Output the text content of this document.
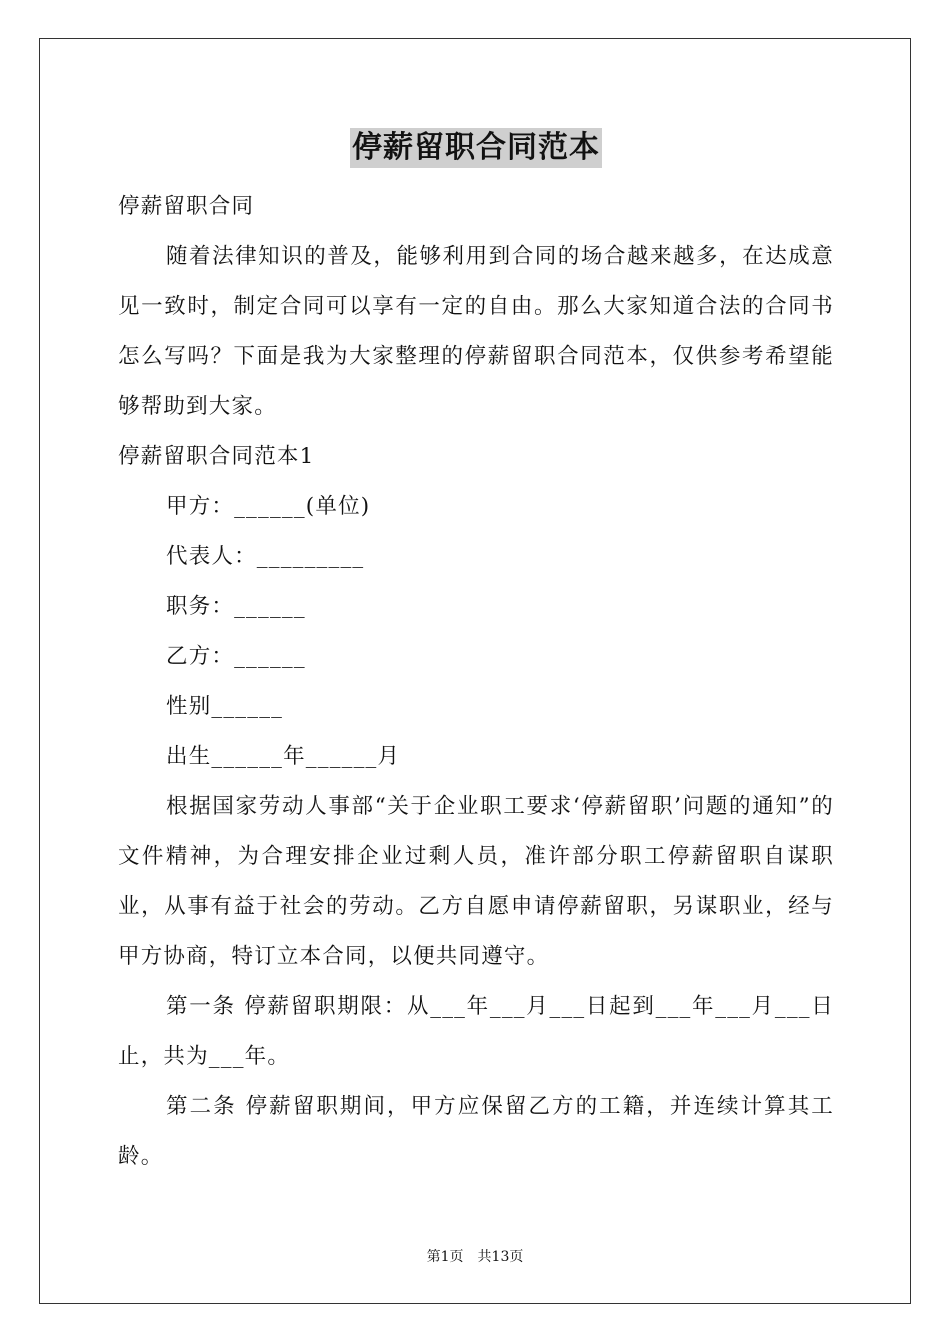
停薪留职合同范本

停薪留职合同

随着法律知识的普及，能够利用到合同的场合越来越多，在达成意见一致时，制定合同可以享有一定的自由。那么大家知道合法的合同书怎么写吗？下面是我为大家整理的停薪留职合同范本，仅供参考希望能够帮助到大家。

停薪留职合同范本1

甲方：______(单位)

代表人：_________

职务：______

乙方：______

性别______

出生______年______月

根据国家劳动人事部“关于企业职工要求‘停薪留职’问题的通知”的文件精神，为合理安排企业过剩人员，准许部分职工停薪留职自谋职业，从事有益于社会的劳动。乙方自愿申请停薪留职，另谋职业，经与甲方协商，特订立本合同，以便共同遵守。

第一条 停薪留职期限：从___年___月___日起到___年___月___日止，共为___年。

第二条 停薪留职期间，甲方应保留乙方的工籍，并连续计算其工龄。

第1页　共13页
